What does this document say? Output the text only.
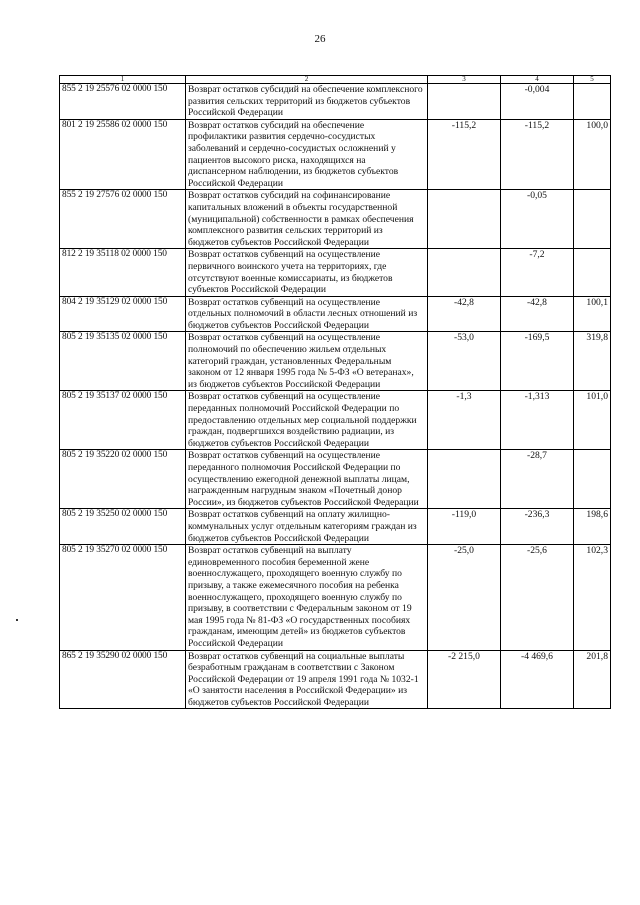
26
1	2	3	4	5
855 2 19 25576 02 0000 150	Возврат остатков субсидий на обеспечение комплексного развития сельских территорий из бюджетов субъектов Российской Федерации		-0,004	
801 2 19 25586 02 0000 150	Возврат остатков субсидий на обеспечение профилактики развития сердечно-сосудистых заболеваний и сердечно-сосудистых осложнений у пациентов высокого риска, находящихся на диспансерном наблюдении, из бюджетов субъектов Российской Федерации	-115,2	-115,2	100,0
855 2 19 27576 02 0000 150	Возврат остатков субсидий на софинансирование капитальных вложений в объекты государственной (муниципальной) собственности в рамках обеспечения комплексного развития сельских территорий из бюджетов субъектов Российской Федерации		-0,05	
812 2 19 35118 02 0000 150	Возврат остатков субвенций на осуществление первичного воинского учета на территориях, где отсутствуют военные комиссариаты, из бюджетов субъектов Российской Федерации		-7,2	
804 2 19 35129 02 0000 150	Возврат остатков субвенций на осуществление отдельных полномочий в области лесных отношений из бюджетов субъектов Российской Федерации	-42,8	-42,8	100,1
805 2 19 35135 02 0000 150	Возврат остатков субвенций на осуществление полномочий по обеспечению жильем отдельных категорий граждан, установленных Федеральным законом от 12 января 1995 года № 5-ФЗ «О ветеранах», из бюджетов субъектов Российской Федерации	-53,0	-169,5	319,8
805 2 19 35137 02 0000 150	Возврат остатков субвенций на осуществление переданных полномочий Российской Федерации по предоставлению отдельных мер социальной поддержки граждан, подвергшихся воздействию радиации, из бюджетов субъектов Российской Федерации	-1,3	-1,313	101,0
805 2 19 35220 02 0000 150	Возврат остатков субвенций на осуществление переданного полномочия Российской Федерации по осуществлению ежегодной денежной выплаты лицам, награжденным нагрудным знаком «Почетный донор России», из бюджетов субъектов Российской Федерации		-28,7	
805 2 19 35250 02 0000 150	Возврат остатков субвенций на оплату жилищно-коммунальных услуг отдельным категориям граждан из бюджетов субъектов Российской Федерации	-119,0	-236,3	198,6
805 2 19 35270 02 0000 150	Возврат остатков субвенций на выплату единовременного пособия беременной жене военнослужащего, проходящего военную службу по призыву, а также ежемесячного пособия на ребенка военнослужащего, проходящего военную службу по призыву, в соответствии с Федеральным законом от 19 мая 1995 года № 81-ФЗ «О государственных пособиях гражданам, имеющим детей» из бюджетов субъектов Российской Федерации	-25,0	-25,6	102,3
865 2 19 35290 02 0000 150	Возврат остатков субвенций на социальные выплаты безработным гражданам в соответствии с Законом Российской Федерации от 19 апреля 1991 года № 1032-1 «О занятости населения в Российской Федерации» из бюджетов субъектов Российской Федерации	-2 215,0	-4 469,6	201,8
